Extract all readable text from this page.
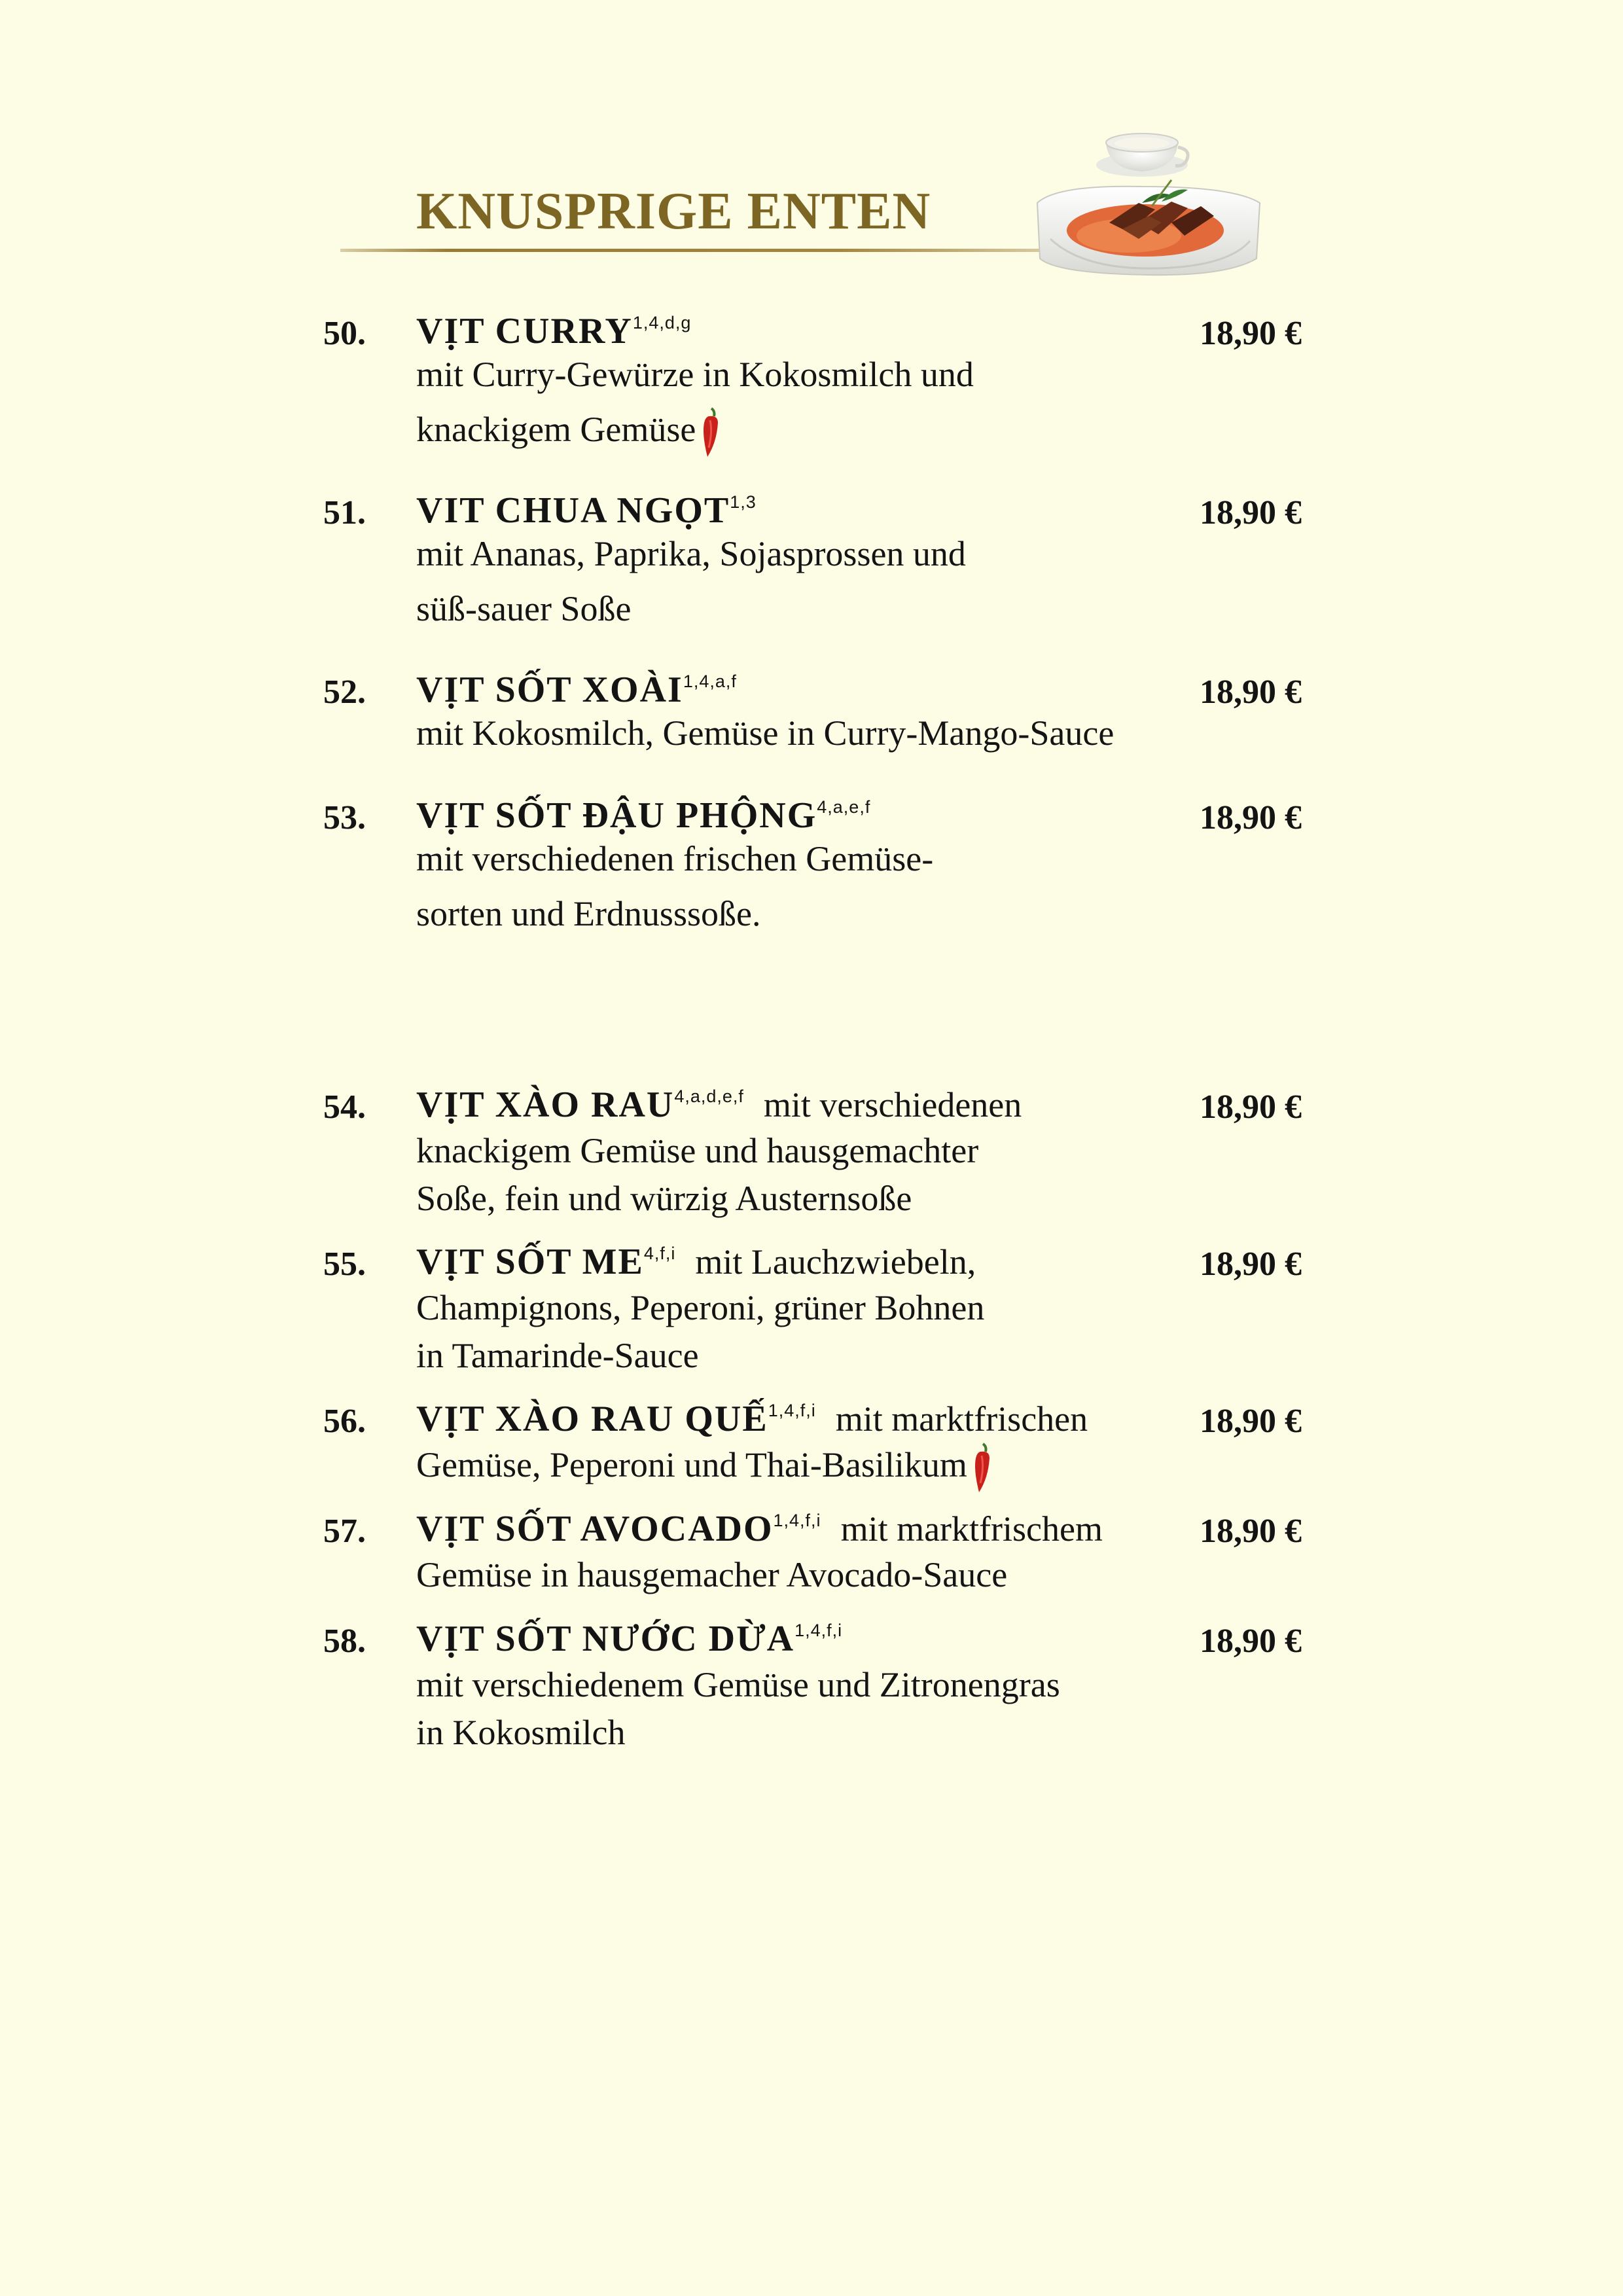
KNUSPRIGE ENTEN
50. VỊT CURRY$^{1,4,d,g}$	18,90 €
mit Curry-Gewürze in Kokosmilch und
knackigem Gemüse
51. VIT CHUA NGỌT$^{1,3}$	18,90 €
mit Ananas, Paprika, Sojasprossen und
süß-sauer Soße
52. VỊT SỐT XOÀI$^{1,4,a,f}$	18,90 €
mit Kokosmilch, Gemüse in Curry-Mango-Sauce
53. VỊT SỐT ĐẬU PHỘNG$^{4,a,e,f}$	18,90 €
mit verschiedenen frischen Gemüse-
sorten und Erdnusssoße.
54. VỊT XÀO RAU$^{4,a,d,e,f}$ mit verschiedenen	18,90 €
knackigem Gemüse und hausgemachter
Soße, fein und würzig Austernsoße
55. VỊT SỐT ME$^{4,f,i}$ mit Lauchzwiebeln,	18,90 €
Champignons, Peperoni, grüner Bohnen
in Tamarinde-Sauce
56. VỊT XÀO RAU QUẾ$^{1,4,f,i}$ mit marktfrischen	18,90 €
Gemüse, Peperoni und Thai-Basilikum
57. VỊT SỐT AVOCADO$^{1,4,f,i}$ mit marktfrischem	18,90 €
Gemüse in hausgemacher Avocado-Sauce
58. VỊT SỐT NƯỚC DỪA$^{1,4,f,i}$	18,90 €
mit verschiedenem Gemüse und Zitronengras
in Kokosmilch
